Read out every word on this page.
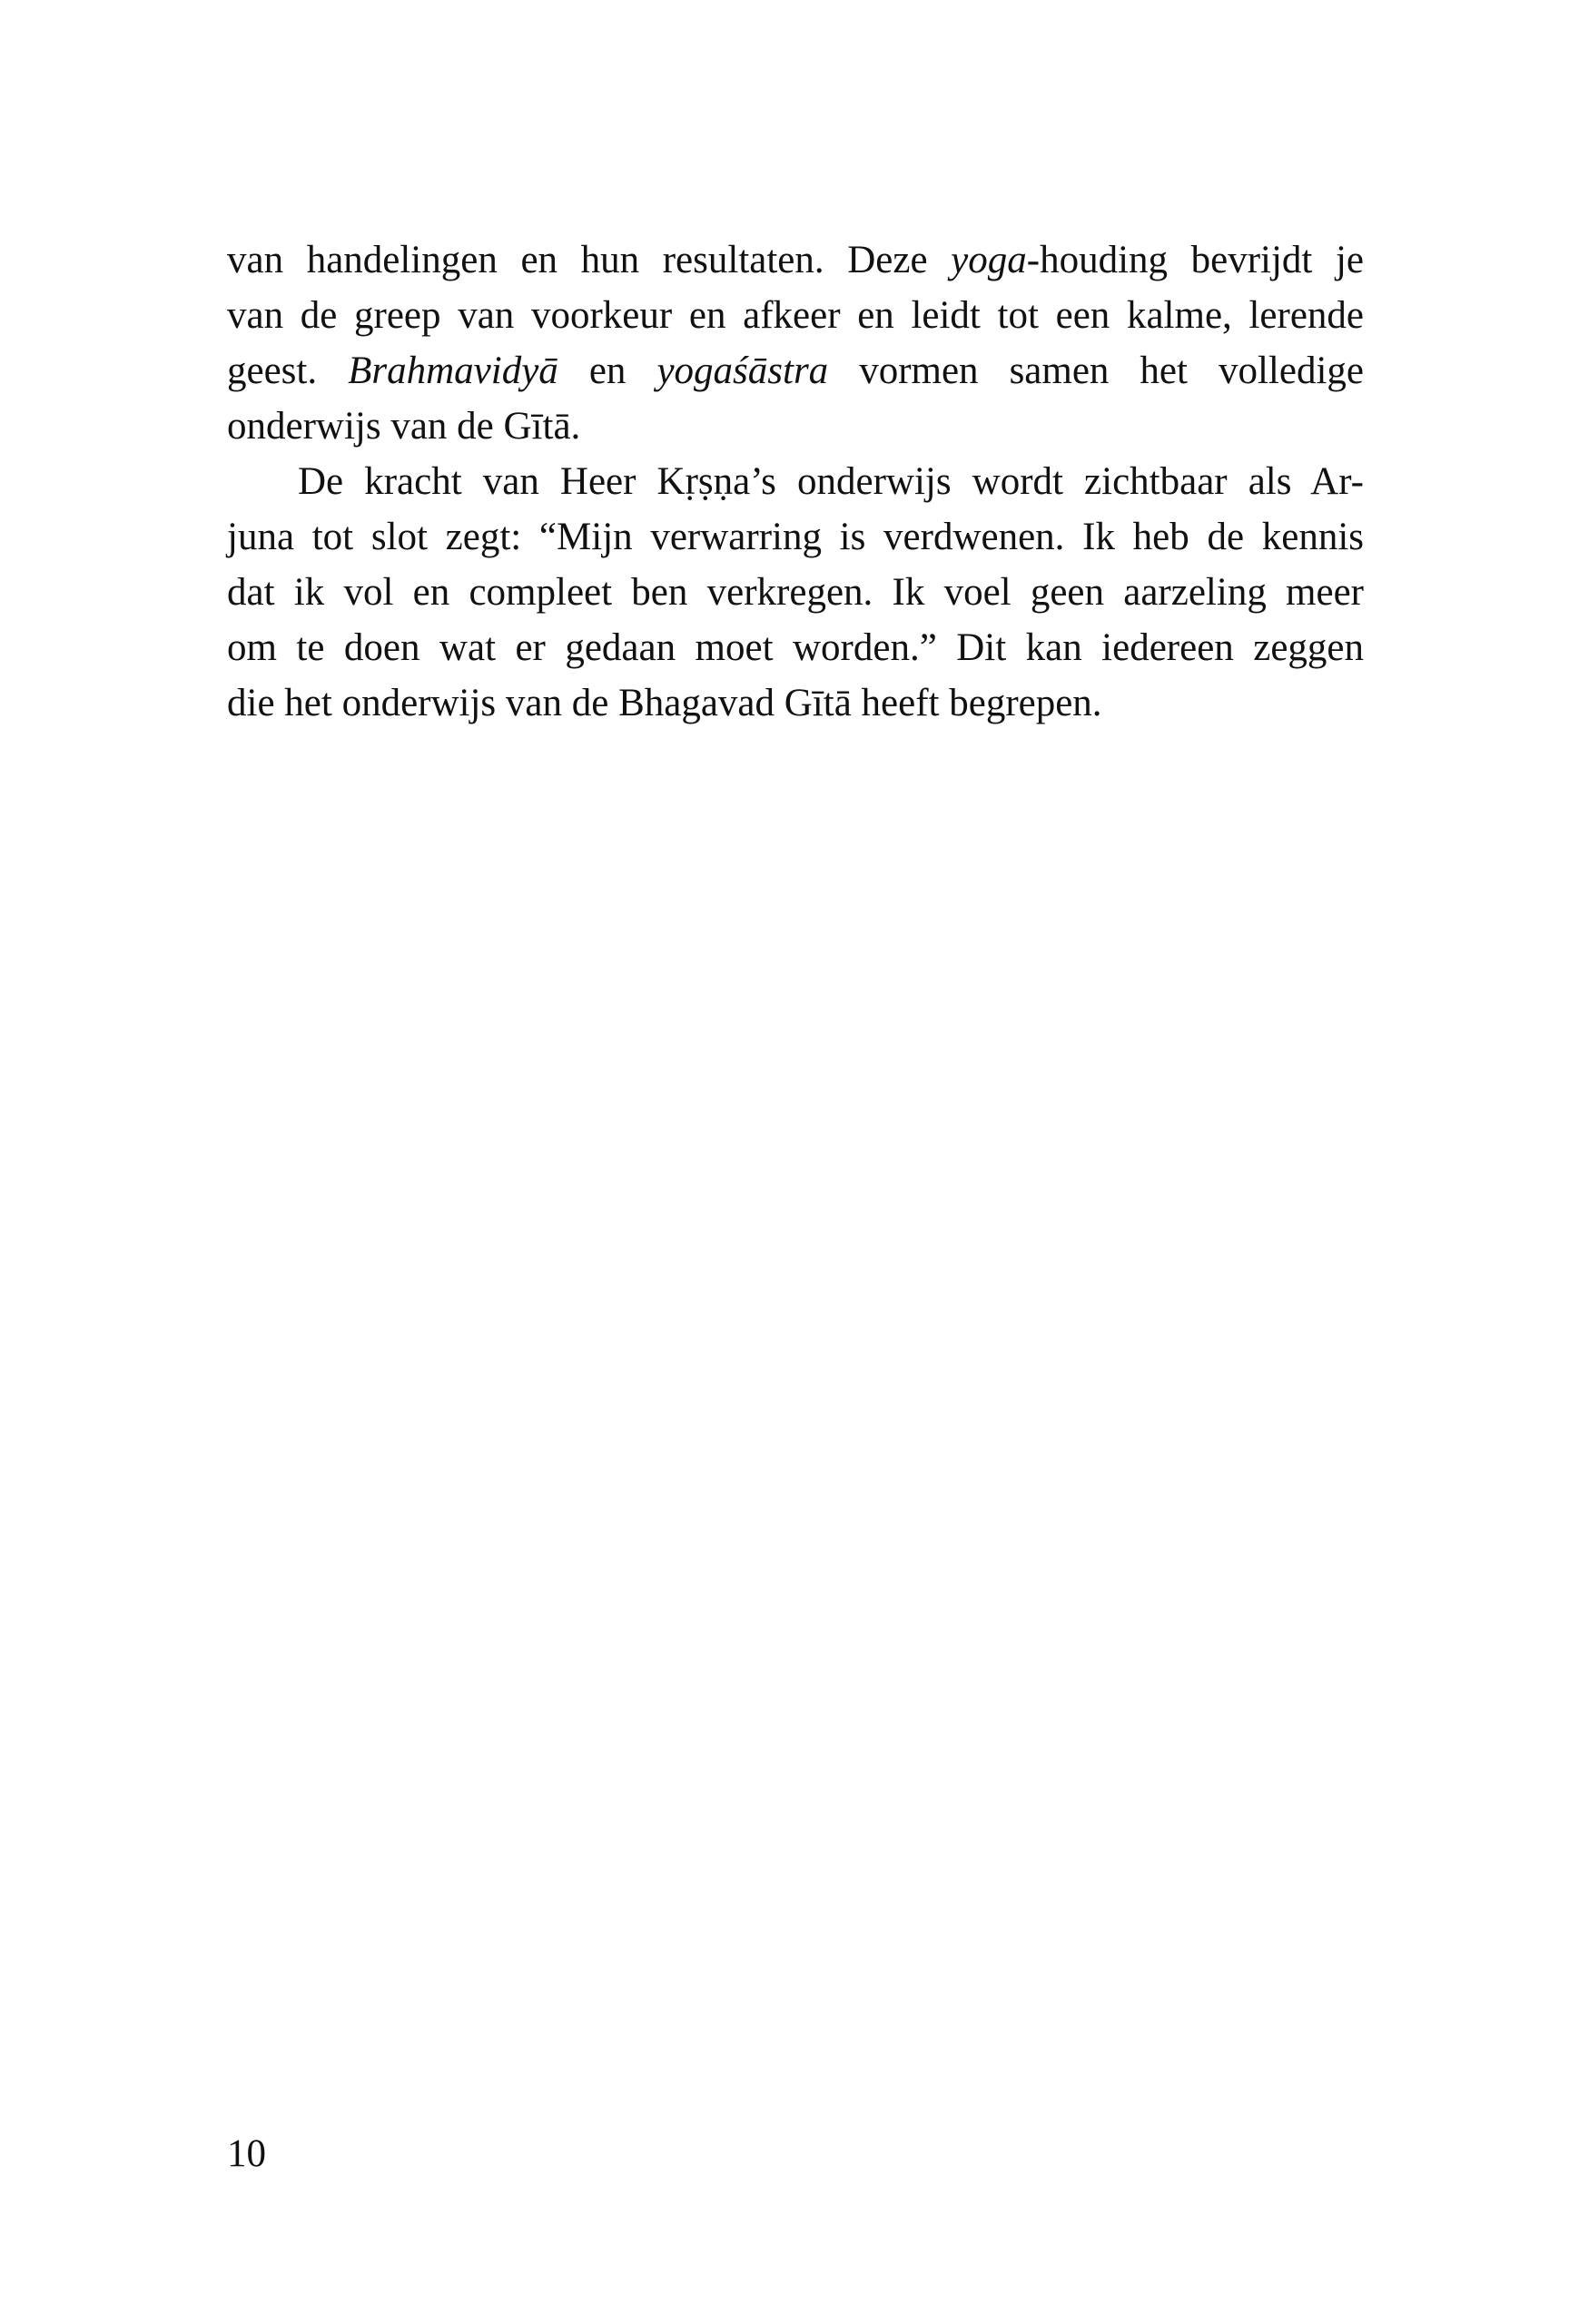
van handelingen en hun resultaten. Deze yoga-houding bevrijdt je
van de greep van voorkeur en afkeer en leidt tot een kalme, lerende
geest. Brahmavidyā en yogaśāstra vormen samen het volledige
onderwijs van de Gītā.
De kracht van Heer Kṛṣṇa’s onderwijs wordt zichtbaar als Ar-
juna tot slot zegt: “Mijn verwarring is verdwenen. Ik heb de kennis
dat ik vol en compleet ben verkregen. Ik voel geen aarzeling meer
om te doen wat er gedaan moet worden.” Dit kan iedereen zeggen
die het onderwijs van de Bhagavad Gītā heeft begrepen.
10
